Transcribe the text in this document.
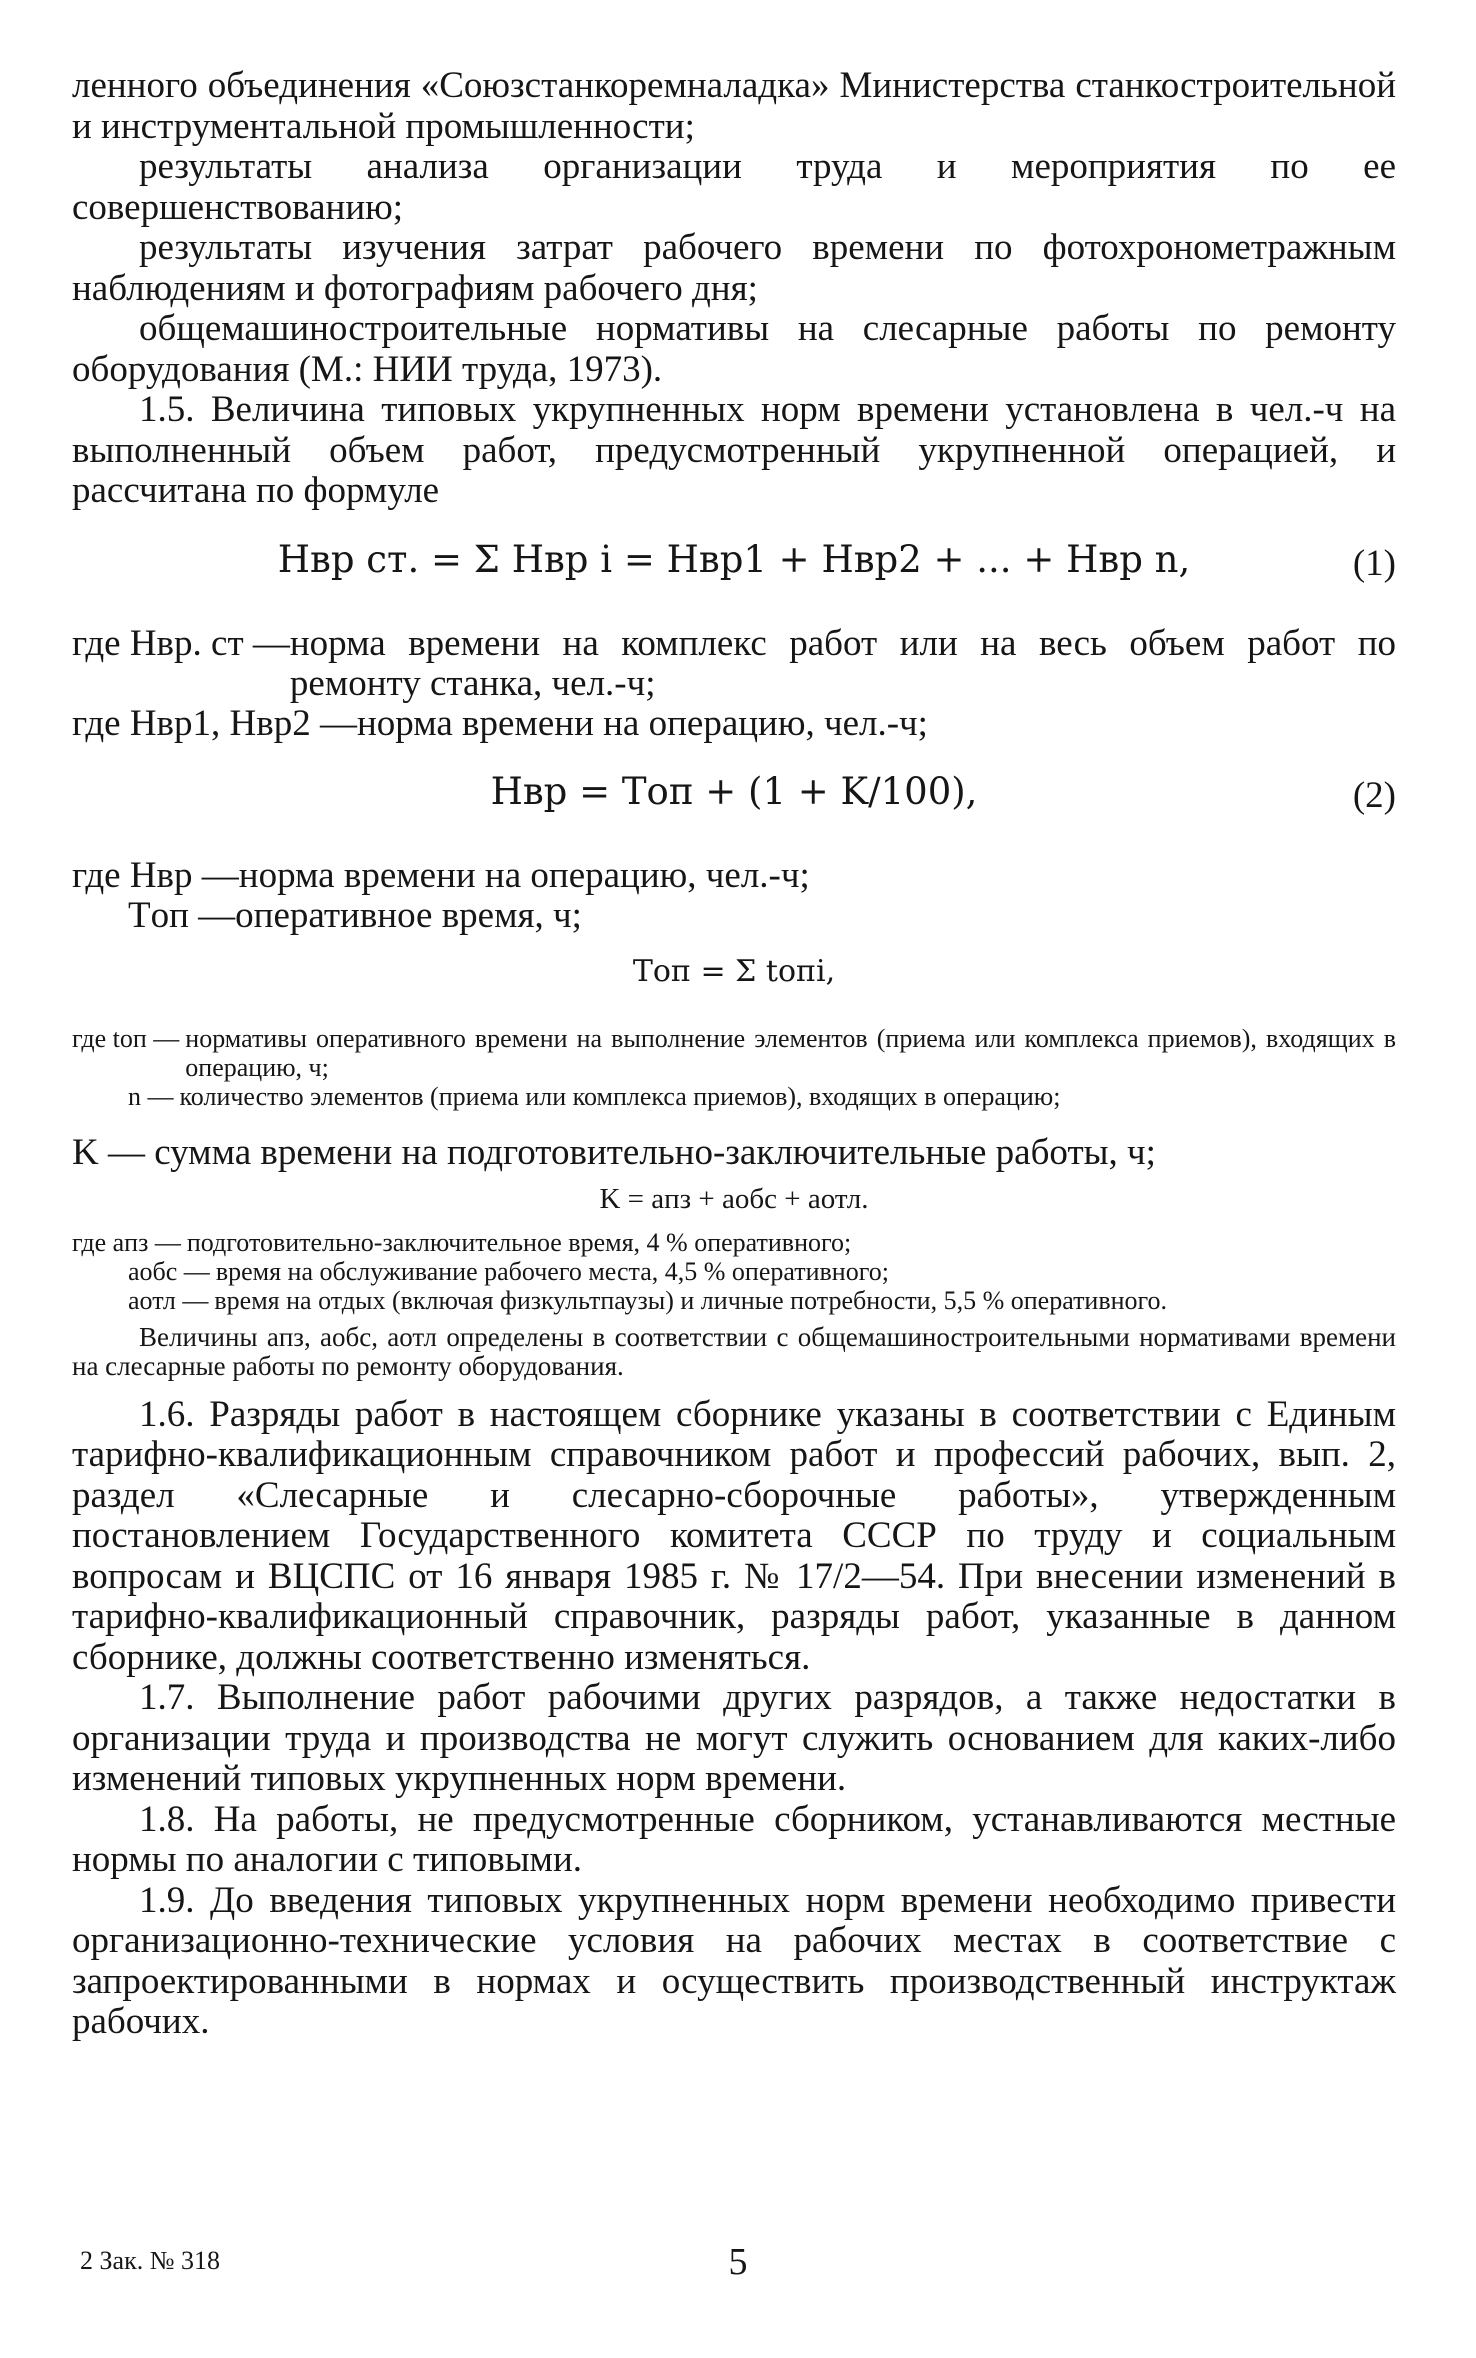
ленного объединения «Союзстанкоремналадка» Министерства станкостроительной и инструментальной промышленности;

результаты анализа организации труда и мероприятия по ее совершенствованию;

результаты изучения затрат рабочего времени по фотохронометражным наблюдениям и фотографиям рабочего дня;

общемашиностроительные нормативы на слесарные работы по ремонту оборудования (М.: НИИ труда, 1973).

1.5. Величина типовых укрупненных норм времени установлена в чел.-ч на выполненный объем работ, предусмотренный укрупненной операцией, и рассчитана по формуле

Hвр ст. = Σ Hвр i = Hвр1 + Hвр2 + ... + Hвр n,	(1)
где Hвр. ст — норма времени на комплекс работ или на весь объем работ по ремонту станка, чел.-ч;
где Hвр1, Hвр2 — норма времени на операцию, чел.-ч;
Hвр = Tоп + (1 + K/100),	(2)
где Hвр — норма времени на операцию, чел.-ч;
Tоп — оперативное время, ч;
Tоп = Σ tопi,
где tоп — нормативы оперативного времени на выполнение элементов (приема или комплекса приемов), входящих в операцию, ч;
n — количество элементов (приема или комплекса приемов), входящих в операцию;
K — сумма времени на подготовительно-заключительные работы, ч;
K = aпз + aобс + aотл.
где aпз — подготовительно-заключительное время, 4 % оперативного;
aобс — время на обслуживание рабочего места, 4,5 % оперативного;
aотл — время на отдых (включая физкультпаузы) и личные потребности, 5,5 % оперативного.

Величины aпз, aобс, aотл определены в соответствии с общемашиностроительными нормативами времени на слесарные работы по ремонту оборудования.

1.6. Разряды работ в настоящем сборнике указаны в соответствии с Единым тарифно-квалификационным справочником работ и профессий рабочих, вып. 2, раздел «Слесарные и слесарно-сборочные работы», утвержденным постановлением Государственного комитета СССР по труду и социальным вопросам и ВЦСПС от 16 января 1985 г. № 17/2—54. При внесении изменений в тарифно-квалификационный справочник, разряды работ, указанные в данном сборнике, должны соответственно изменяться.

1.7. Выполнение работ рабочими других разрядов, а также недостатки в организации труда и производства не могут служить основанием для каких-либо изменений типовых укрупненных норм времени.

1.8. На работы, не предусмотренные сборником, устанавливаются местные нормы по аналогии с типовыми.

1.9. До введения типовых укрупненных норм времени необходимо привести организационно-технические условия на рабочих местах в соответствие с запроектированными в нормах и осуществить производственный инструктаж рабочих.

2 Зак. № 318	5
